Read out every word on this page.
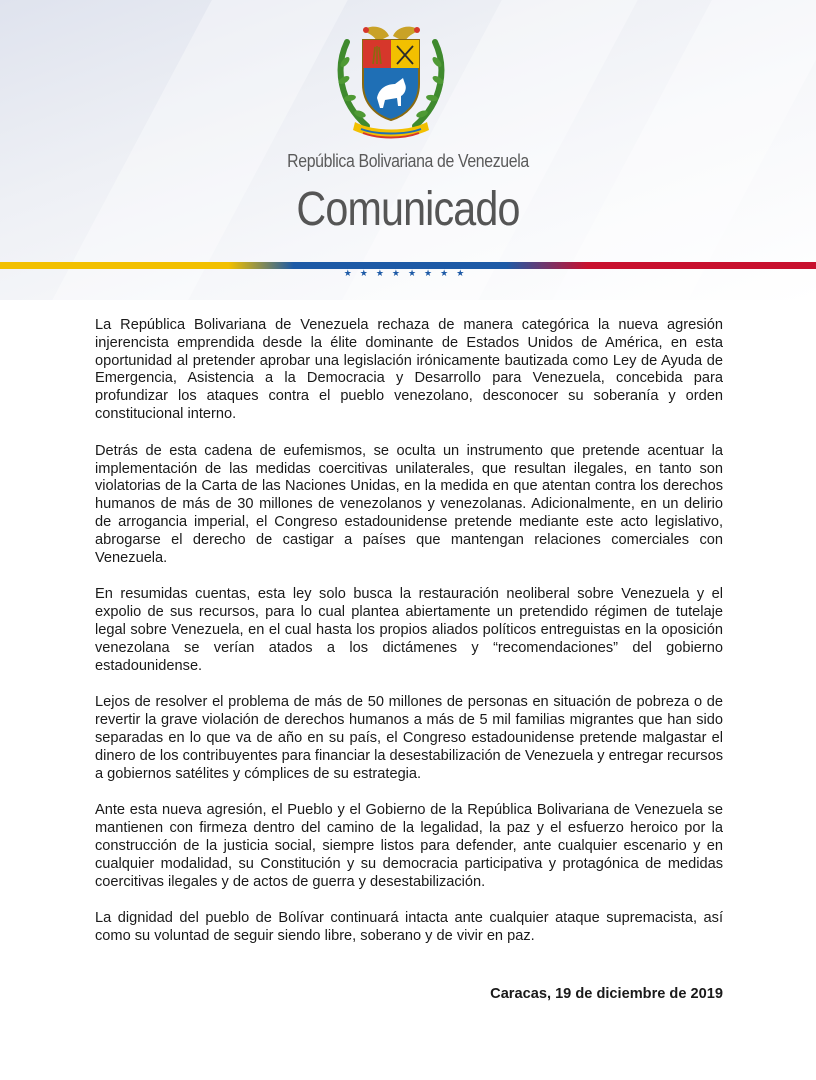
República Bolivariana de Venezuela
Comunicado
★★★★★★★★

La República Bolivariana de Venezuela rechaza de manera categórica la nueva agresión injerencista emprendida desde la élite dominante de Estados Unidos de América, en esta oportunidad al pretender aprobar una legislación irónicamente bautizada como Ley de Ayuda de Emergencia, Asistencia a la Democracia y Desarrollo para Venezuela, concebida para profundizar los ataques contra el pueblo venezolano, desconocer su soberanía y orden constitucional interno.

Detrás de esta cadena de eufemismos, se oculta un instrumento que pretende acentuar la implementación de las medidas coercitivas unilaterales, que resultan ilegales, en tanto son violatorias de la Carta de las Naciones Unidas, en la medida en que atentan contra los derechos humanos de más de 30 millones de venezolanos y venezolanas. Adicionalmente, en un delirio de arrogancia imperial, el Congreso estadounidense pretende mediante este acto legislativo, abrogarse el derecho de castigar a países que mantengan relaciones comerciales con Venezuela.

En resumidas cuentas, esta ley solo busca la restauración neoliberal sobre Venezuela y el expolio de sus recursos, para lo cual plantea abiertamente un pretendido régimen de tutelaje legal sobre Venezuela, en el cual hasta los propios aliados políticos entreguistas en la oposición venezolana se verían atados a los dictámenes y “recomendaciones” del gobierno estadounidense.

Lejos de resolver el problema de más de 50 millones de personas en situación de pobreza o de revertir la grave violación de derechos humanos a más de 5 mil familias migrantes que han sido separadas en lo que va de año en su país, el Congreso estadounidense pretende malgastar el dinero de los contribuyentes para financiar la desestabilización de Venezuela y entregar recursos a gobiernos satélites y cómplices de su estrategia.

Ante esta nueva agresión, el Pueblo y el Gobierno de la República Bolivariana de Venezuela se mantienen con firmeza dentro del camino de la legalidad, la paz y el esfuerzo heroico por la construcción de la justicia social, siempre listos para defender, ante cualquier escenario y en cualquier modalidad, su Constitución y su democracia participativa y protagónica de medidas coercitivas ilegales y de actos de guerra y desestabilización.

La dignidad del pueblo de Bolívar continuará intacta ante cualquier ataque supremacista, así como su voluntad de seguir siendo libre, soberano y de vivir en paz.

Caracas, 19 de diciembre de 2019
